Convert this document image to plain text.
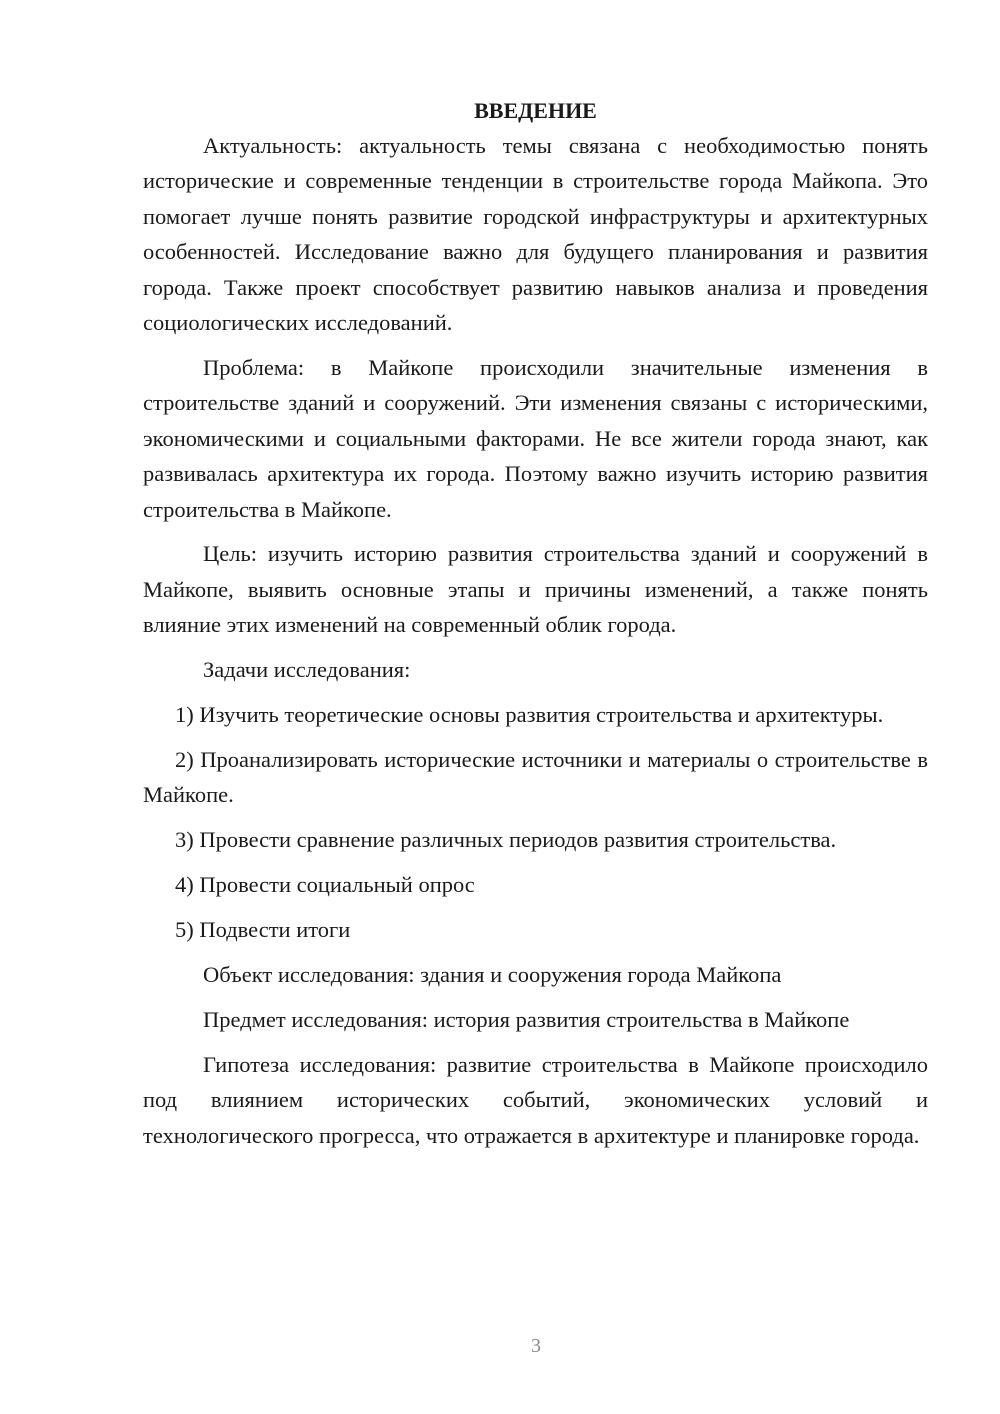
ВВЕДЕНИЕ

Актуальность: актуальность темы связана с необходимостью понять исторические и современные тенденции в строительстве города Майкопа. Это помогает лучше понять развитие городской инфраструктуры и архитектурных особенностей. Исследование важно для будущего планирования и развития города. Также проект способствует развитию навыков анализа и проведения социологических исследований.

Проблема: в Майкопе происходили значительные изменения в строительстве зданий и сооружений. Эти изменения связаны с историческими, экономическими и социальными факторами. Не все жители города знают, как развивалась архитектура их города. Поэтому важно изучить историю развития строительства в Майкопе.

Цель: изучить историю развития строительства зданий и сооружений в Майкопе, выявить основные этапы и причины изменений, а также понять влияние этих изменений на современный облик города.

Задачи исследования:

1) Изучить теоретические основы развития строительства и архитектуры.

2) Проанализировать исторические источники и материалы о строительстве в Майкопе.

3) Провести сравнение различных периодов развития строительства.

4) Провести социальный опрос

5) Подвести итоги

Объект исследования: здания и сооружения города Майкопа

Предмет исследования: история развития строительства в Майкопе

Гипотеза исследования: развитие строительства в Майкопе происходило под влиянием исторических событий, экономических условий и технологического прогресса, что отражается в архитектуре и планировке города.

3
